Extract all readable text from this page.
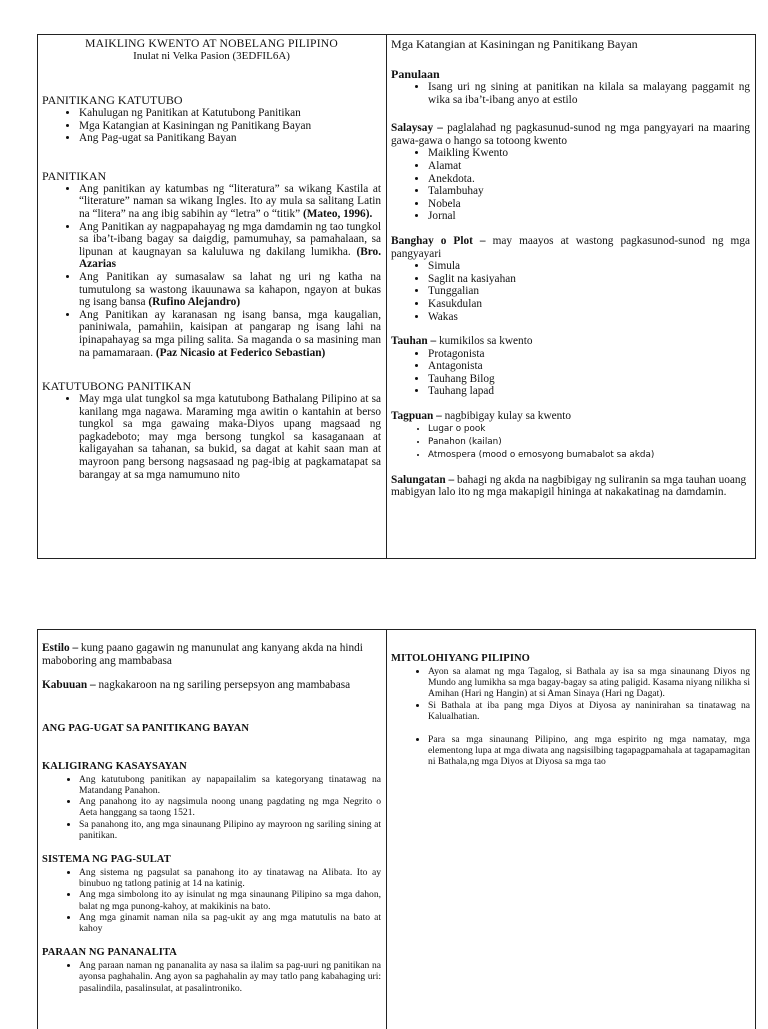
MAIKLING KWENTO AT NOBELANG PILIPINO
Inulat ni Velka Pasion (3EDFIL6A)
PANITIKANG KATUTUBO
• Kahulugan ng Panitikan at Katutubong Panitikan
• Mga Katangian at Kasiningan ng Panitikang Bayan
• Ang Pag-ugat sa Panitikang Bayan
PANITIKAN
• Ang panitikan ay katumbas ng “literatura” sa wikang Kastila at “literature” naman sa wikang Ingles. Ito ay mula sa salitang Latin na “litera” na ang ibig sabihin ay “letra” o “titik” (Mateo, 1996).
• Ang Panitikan ay nagpapahayag ng mga damdamin ng tao tungkol sa iba’t-ibang bagay sa daigdig, pamumuhay, sa pamahalaan, sa lipunan at kaugnayan sa kaluluwa ng dakilang lumikha. (Bro. Azarias
• Ang Panitikan ay sumasalaw sa lahat ng uri ng katha na tumutulong sa wastong ikauunawa sa kahapon, ngayon at bukas ng isang bansa (Rufino Alejandro)
• Ang Panitikan ay karanasan ng isang bansa, mga kaugalian, paniniwala, pamahiin, kaisipan at pangarap ng isang lahi na ipinapahayag sa mga piling salita. Sa maganda o sa masining man na pamamaraan. (Paz Nicasio at Federico Sebastian)
KATUTUBONG PANITIKAN
• May mga ulat tungkol sa mga katutubong Bathalang Pilipino at sa kanilang mga nagawa. Maraming mga awitin o kantahin at berso tungkol sa mga gawaing maka-Diyos upang magsaad ng pagkadeboto; may mga bersong tungkol sa kasaganaan at kaligayahan sa tahanan, sa bukid, sa dagat at kahit saan man at mayroon pang bersong nagsasaad ng pag-ibig at pagkamatapat sa barangay at sa mga namumuno nito
Mga Katangian at Kasiningan ng Panitikang Bayan
Panulaan
• Isang uri ng sining at panitikan na kilala sa malayang paggamit ng wika sa iba’t-ibang anyo at estilo

Salaysay – paglalahad ng pagkasunud-sunod ng mga pangyayari na maaring gawa-gawa o hango sa totoong kwento

• Maikling Kwento
• Alamat
• Anekdota.
• Talambuhay
• Nobela
• Jornal

Banghay o Plot – may maayos at wastong pagkasunod-sunod ng mga pangyayari

• Simula
• Saglit na kasiyahan
• Tunggalian
• Kasukdulan
• Wakas

Tauhan – kumikilos sa kwento

• Protagonista
• Antagonista
• Tauhang Bilog
• Tauhang lapad

Tagpuan – nagbibigay kulay sa kwento

• Lugar o pook
• Panahon (kailan)
• Atmospera (mood o emosyong bumabalot sa akda)

Salungatan – bahagi ng akda na nagbibigay ng suliranin sa mga tauhan uoang mabigyan lalo ito ng mga makapigil hininga at nakakatinag na damdamin.

Estilo – kung paano gagawin ng manunulat ang kanyang akda na hindi maboboring ang mambabasa

Kabuuan – nagkakaroon na ng sariling persepsyon ang mambabasa

ANG PAG-UGAT SA PANITIKANG BAYAN
KALIGIRANG KASAYSAYAN
• Ang katutubong panitikan ay napapailalim sa kategoryang tinatawag na Matandang Panahon.
• Ang panahong ito ay nagsimula noong unang pagdating ng mga Negrito o Aeta hanggang sa taong 1521.
• Sa panahong ito, ang mga sinaunang Pilipino ay mayroon ng sariling sining at panitikan.
SISTEMA NG PAG-SULAT
• Ang sistema ng pagsulat sa panahong ito ay tinatawag na Alibata. Ito ay binubuo ng tatlong patinig at 14 na katinig.
• Ang mga simbolong ito ay isinulat ng mga sinaunang Pilipino sa mga dahon, balat ng mga punong-kahoy, at makikinis na bato.
• Ang mga ginamit naman nila sa pag-ukit ay ang mga matutulis na bato at kahoy
PARAAN NG PANANALITA
• Ang paraan naman ng pananalita ay nasa sa ilalim sa pag-uuri ng panitikan na ayonsa paghahalin. Ang ayon sa paghahalin ay may tatlo pang kabahaging uri: pasalindila, pasalinsulat, at pasalintroniko.
MITOLOHIYANG PILIPINO
• Ayon sa alamat ng mga Tagalog, si Bathala ay isa sa mga sinaunang Diyos ng Mundo ang lumikha sa mga bagay-bagay sa ating paligid. Kasama niyang nilikha si Amihan (Hari ng Hangin) at si Aman Sinaya (Hari ng Dagat).
• Si Bathala at iba pang mga Diyos at Diyosa ay naninirahan sa tinatawag na Kalualhatian.
• Para sa mga sinaunang Pilipino, ang mga espirito ng mga namatay, mga elementong lupa at mga diwata ang nagsisilbing tagapagpamahala at tagapamagitan ni Bathala,ng mga Diyos at Diyosa sa mga tao
